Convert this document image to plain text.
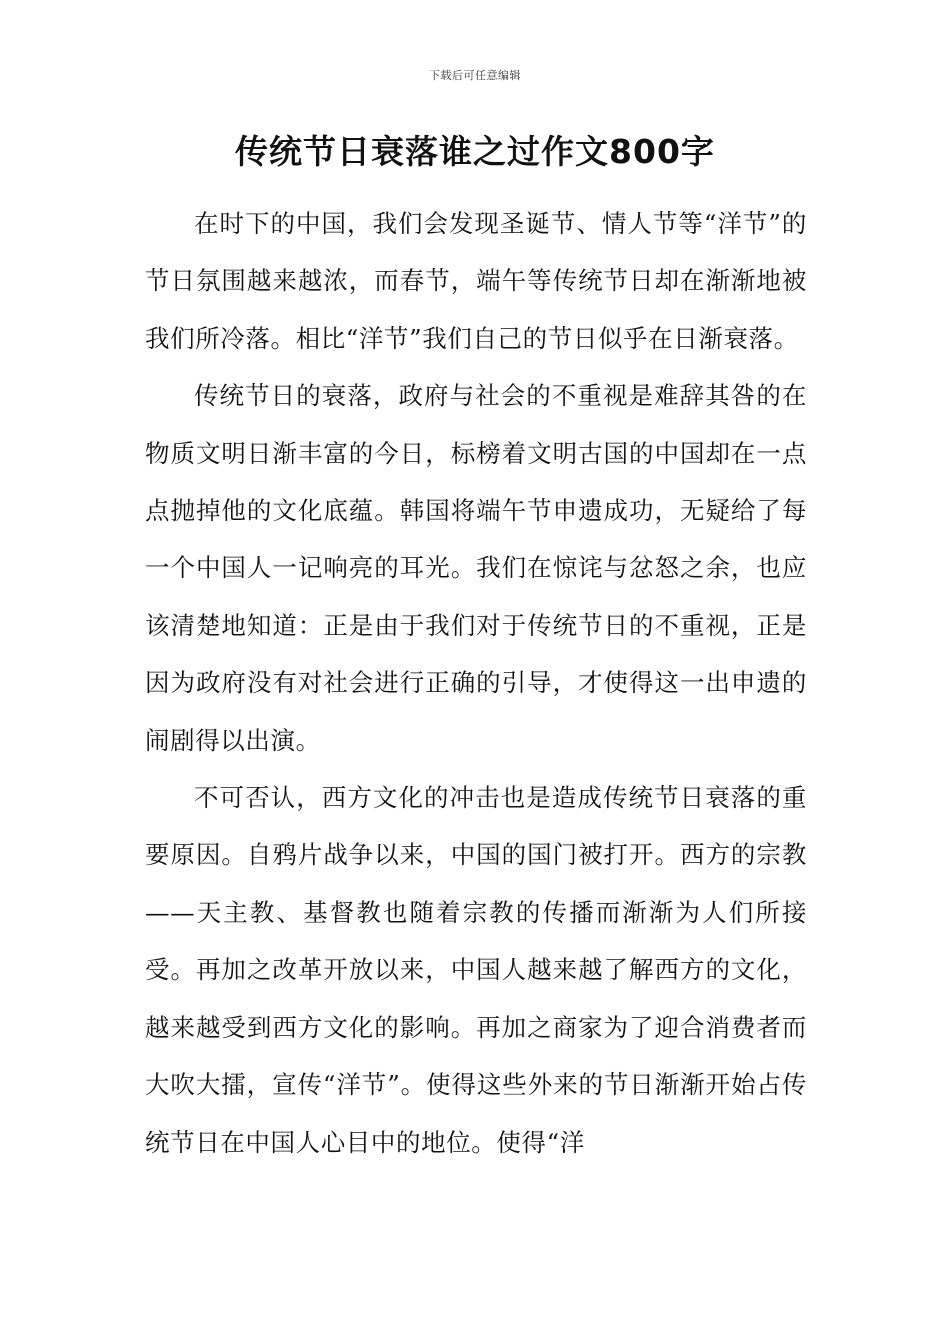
下载后可任意编辑
传统节日衰落谁之过作文800字

在时下的中国，我们会发现圣诞节、情人节等“洋节”的节日氛围越来越浓，而春节，端午等传统节日却在渐渐地被我们所冷落。相比“洋节”我们自己的节日似乎在日渐衰落。

传统节日的衰落，政府与社会的不重视是难辞其咎的在物质文明日渐丰富的今日，标榜着文明古国的中国却在一点点抛掉他的文化底蕴。韩国将端午节申遗成功，无疑给了每一个中国人一记响亮的耳光。我们在惊诧与忿怒之余，也应该清楚地知道：正是由于我们对于传统节日的不重视，正是因为政府没有对社会进行正确的引导，才使得这一出申遗的闹剧得以出演。

不可否认，西方文化的冲击也是造成传统节日衰落的重要原因。自鸦片战争以来，中国的国门被打开。西方的宗教——天主教、基督教也随着宗教的传播而渐渐为人们所接受。再加之改革开放以来，中国人越来越了解西方的文化，越来越受到西方文化的影响。再加之商家为了迎合消费者而大吹大擂，宣传“洋节”。使得这些外来的节日渐渐开始占传统节日在中国人心目中的地位。使得“洋
